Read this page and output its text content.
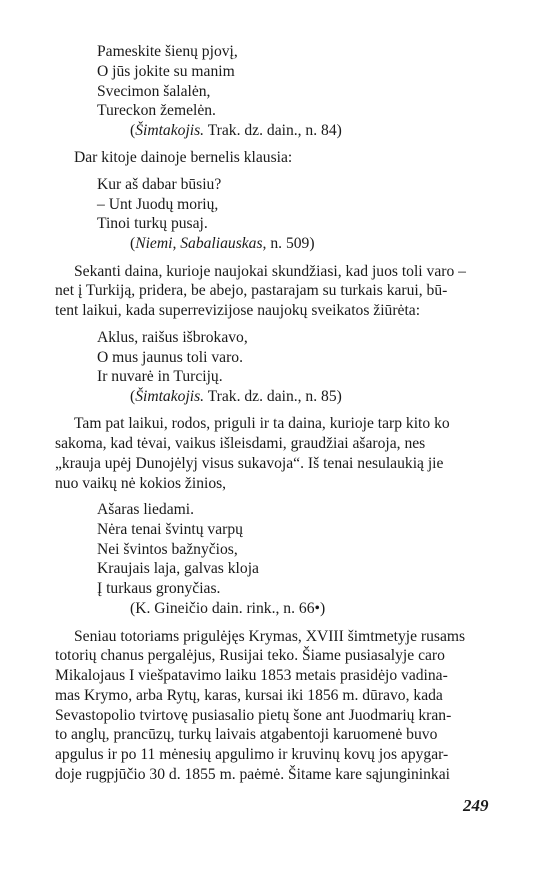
Pameskite šienų pjovį,
O jūs jokite su manim
Svecimon šalalėn,
Tureckon žemelėn.
(Šimtakojis. Trak. dz. dain., n. 84)
Dar kitoje dainoje bernelis klausia:
Kur aš dabar būsiu?
– Unt Juodų morių,
Tinoi turkų pusaj.
(Niemi, Sabaliauskas, n. 509)
Sekanti daina, kurioje naujokai skundžiasi, kad juos toli varo –
net į Turkiją, pridera, be abejo, pastarajam su turkais karui, bū-
tent laikui, kada superrevizijose naujokų sveikatos žiūrėta:
Aklus, raišus išbrokavo,
O mus jaunus toli varo.
Ir nuvarė in Turcijų.
(Šimtakojis. Trak. dz. dain., n. 85)
Tam pat laikui, rodos, priguli ir ta daina, kurioje tarp kito ko
sakoma, kad tėvai, vaikus išleisdami, graudžiai ašaroja, nes
„krauja upėj Dunojėlyj visus sukavoja“. Iš tenai nesulaukią jie
nuo vaikų nė kokios žinios,
Ašaras liedami.
Nėra tenai švintų varpų
Nei švintos bažnyčios,
Kraujais laja, galvas kloja
Į turkaus gronyčias.
(K. Gineičio dain. rink., n. 66•)
Seniau totoriams prigulėjęs Krymas, XVIII šimtmetyje rusams
totorių chanus pergalėjus, Rusijai teko. Šiame pusiasalyje caro
Mikalojaus I viešpatavimo laiku 1853 metais prasidėjo vadina-
mas Krymo, arba Rytų, karas, kursai iki 1856 m. dūravo, kada
Sevastopolio tvirtovę pusiasalio pietų šone ant Juodmarių kran-
to anglų, prancūzų, turkų laivais atgabentoji karuomenė buvo
apgulus ir po 11 mėnesių apgulimo ir kruvinų kovų jos apygar-
doje rugpjūčio 30 d. 1855 m. paėmė. Šitame kare sąjungininkai
249
